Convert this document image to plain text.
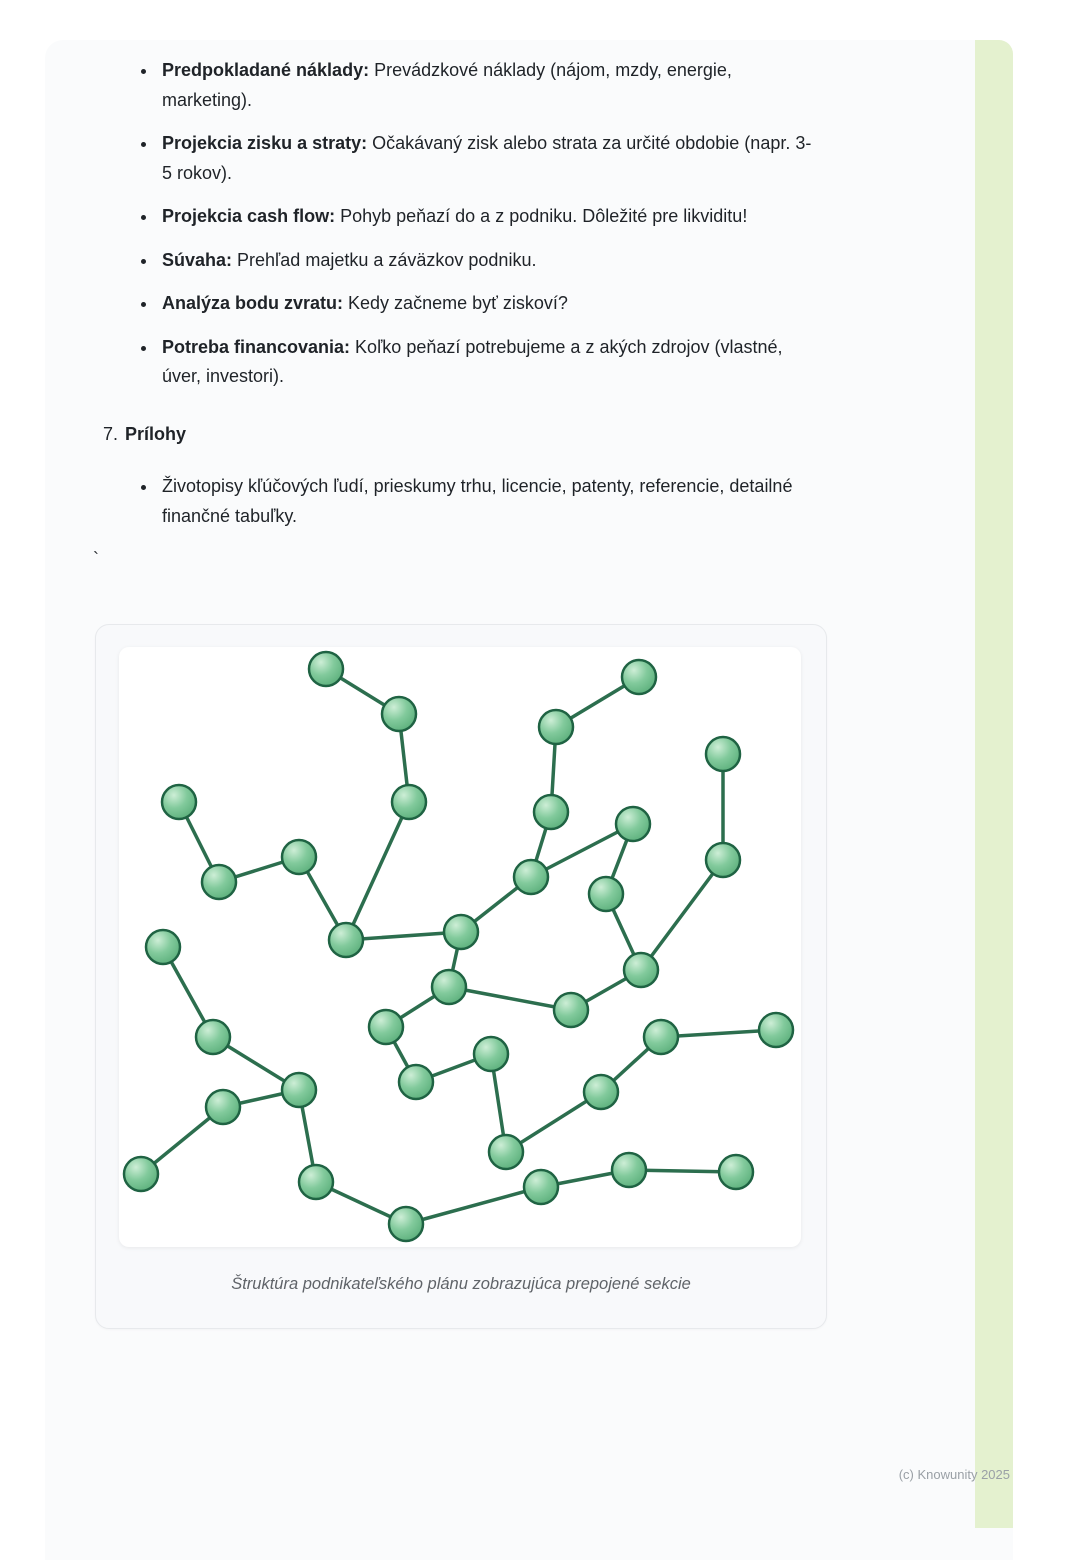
• Predpokladané náklady: Prevádzkové náklady (nájom, mzdy, energie, marketing).
• Projekcia zisku a straty: Očakávaný zisk alebo strata za určité obdobie (napr. 3-5 rokov).
• Projekcia cash flow: Pohyb peňazí do a z podniku. Dôležité pre likviditu!
• Súvaha: Prehľad majetku a záväzkov podniku.
• Analýza bodu zvratu: Kedy začneme byť ziskoví?
• Potreba financovania: Koľko peňazí potrebujeme a z akých zdrojov (vlastné, úver, investori).
7. Prílohy
• Životopisy kľúčových ľudí, prieskumy trhu, licencie, patenty, referencie, detailné finančné tabuľky.
`
Štruktúra podnikateľského plánu zobrazujúca prepojené sekcie
(c) Knowunity 2025
